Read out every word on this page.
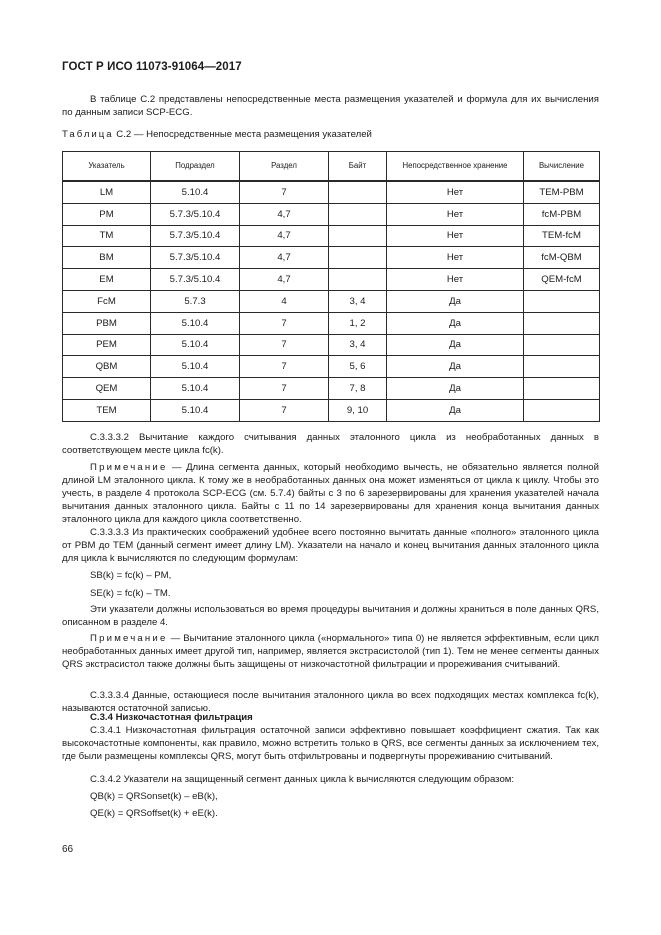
ГОСТ Р ИСО 11073-91064—2017
В таблице С.2 представлены непосредственные места размещения указателей и формула для их вычисления по данным записи SCP-ECG.
Таблица С.2 — Непосредственные места размещения указателей
Указатель	Подраздел	Раздел	Байт	Непосредственное хранение	Вычисление
LM	5.10.4	7		Нет	TEM-PBM
PM	5.7.3/5.10.4	4,7		Нет	fcM-PBM
TM	5.7.3/5.10.4	4,7		Нет	TEM-fcM
BM	5.7.3/5.10.4	4,7		Нет	fcM-QBM
EM	5.7.3/5.10.4	4,7		Нет	QEM-fcM
FcM	5.7.3	4	3, 4	Да	
PBM	5.10.4	7	1, 2	Да	
PEM	5.10.4	7	3, 4	Да	
QBM	5.10.4	7	5, 6	Да	
QEM	5.10.4	7	7, 8	Да	
TEM	5.10.4	7	9, 10	Да	
С.3.3.3.2 Вычитание каждого считывания данных эталонного цикла из необработанных данных в соответствующем месте цикла fc(k).
Примечание — Длина сегмента данных, который необходимо вычесть, не обязательно является полной длиной LM эталонного цикла. К тому же в необработанных данных она может изменяться от цикла к циклу. Чтобы это учесть, в разделе 4 протокола SCP-ECG (см. 5.7.4) байты с 3 по 6 зарезервированы для хранения указателей начала вычитания данных эталонного цикла. Байты с 11 по 14 зарезервированы для хранения конца вычитания данных эталонного цикла для каждого цикла соответственно.
С.3.3.3.3 Из практических соображений удобнее всего постоянно вычитать данные «полного» эталонного цикла от PBM до TEM (данный сегмент имеет длину LM). Указатели на начало и конец вычитания данных эталонного цикла для цикла k вычисляются по следующим формулам:
SB(k) = fc(k) – PM,
SE(k) = fc(k) – TM.
Эти указатели должны использоваться во время процедуры вычитания и должны храниться в поле данных QRS, описанном в разделе 4.
Примечание — Вычитание эталонного цикла («нормального» типа 0) не является эффективным, если цикл необработанных данных имеет другой тип, например, является экстрасистолой (тип 1). Тем не менее сегменты данных QRS экстрасистол также должны быть защищены от низкочастотной фильтрации и прореживания считываний.
С.3.3.3.4 Данные, остающиеся после вычитания эталонного цикла во всех подходящих местах комплекса fc(k), называются остаточной записью.
С.3.4 Низкочастотная фильтрация
С.3.4.1 Низкочастотная фильтрация остаточной записи эффективно повышает коэффициент сжатия. Так как высокочастотные компоненты, как правило, можно встретить только в QRS, все сегменты данных за исключением тех, где были размещены комплексы QRS, могут быть отфильтрованы и подвергнуты прореживанию считываний.
С.3.4.2 Указатели на защищенный сегмент данных цикла k вычисляются следующим образом:
QB(k) = QRSonset(k) – eB(k),
QE(k) = QRSoffset(k) + eE(k).
66
